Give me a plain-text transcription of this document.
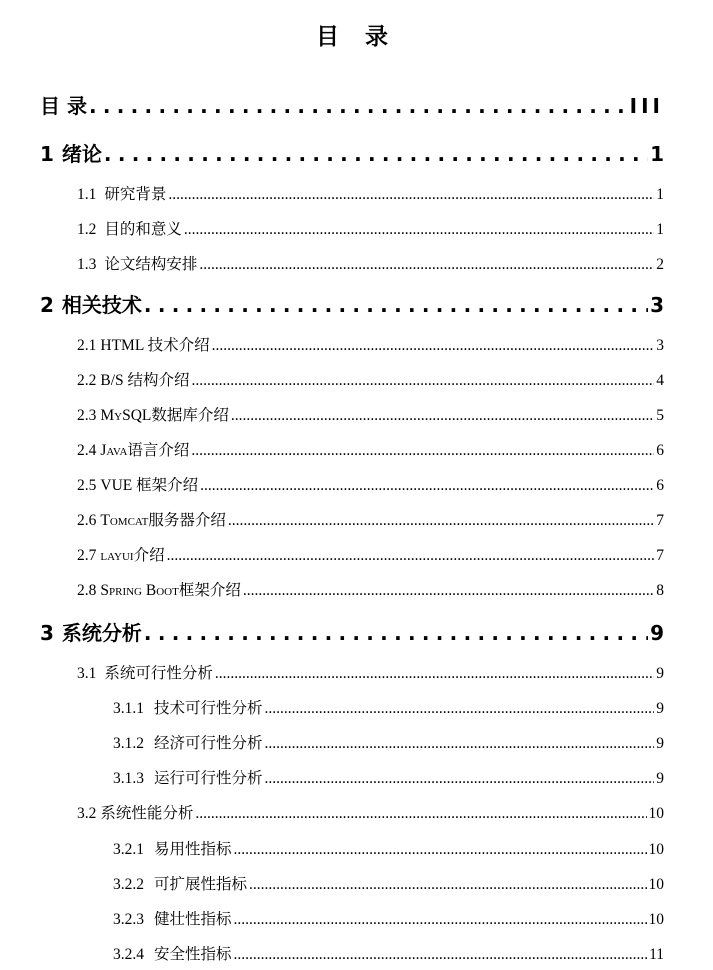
目 录
目 录 .....	III
1 绪论 .....	1
1.1 研究背景 .....	1
1.2 目的和意义 .....	1
1.3 论文结构安排 .....	2
2 相关技术 .....	3
2.1 HTML 技术介绍 .....	3
2.2 B/S 结构介绍 .....	4
2.3 MySQL 数据库介绍 .....	5
2.4 Java 语言介绍 .....	6
2.5 VUE 框架介绍 .....	6
2.6 Tomcat 服务器介绍 .....	7
2.7 layui 介绍 .....	7
2.8 Spring Boot 框架介绍 .....	8
3 系统分析 .....	9
3.1 系统可行性分析 .....	9
3.1.1 技术可行性分析 .....	9
3.1.2 经济可行性分析 .....	9
3.1.3 运行可行性分析 .....	9
3.2 系统性能分析 .....	10
3.2.1 易用性指标 .....	10
3.2.2 可扩展性指标 .....	10
3.2.3 健壮性指标 .....	10
3.2.4 安全性指标 .....	11
